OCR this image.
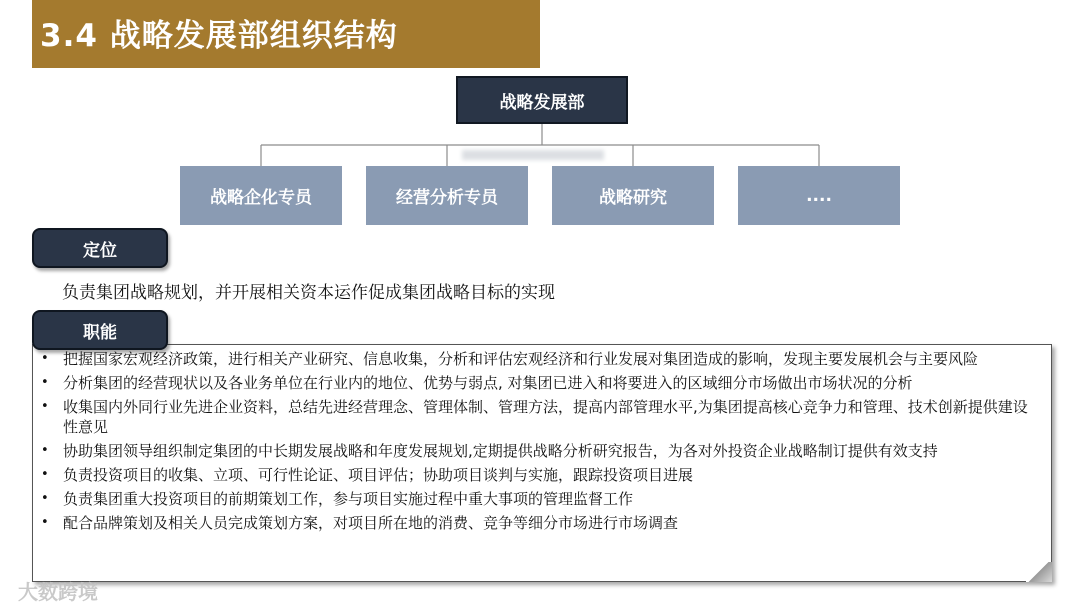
3.4 战略发展部组织结构
战略发展部
战略企化专员	经营分析专员	战略研究	....
定位
负责集团战略规划，并开展相关资本运作促成集团战略目标的实现
• 把握国家宏观经济政策，进行相关产业研究、信息收集，分析和评估宏观经济和行业发展对集团造成的影响，发现主要发展机会与主要风险
• 分析集团的经营现状以及各业务单位在行业内的地位、优势与弱点, 对集团已进入和将要进入的区域细分市场做出市场状况的分析
• 收集国内外同行业先进企业资料，总结先进经营理念、管理体制、管理方法，提高内部管理水平,为集团提高核心竞争力和管理、技术创新提供建设性意见
• 协助集团领导组织制定集团的中长期发展战略和年度发展规划,定期提供战略分析研究报告，为各对外投资企业战略制订提供有效支持
• 负责投资项目的收集、立项、可行性论证、项目评估；协助项目谈判与实施，跟踪投资项目进展
• 负责集团重大投资项目的前期策划工作，参与项目实施过程中重大事项的管理监督工作
• 配合品牌策划及相关人员完成策划方案，对项目所在地的消费、竞争等细分市场进行市场调查
职能
大数跨境
